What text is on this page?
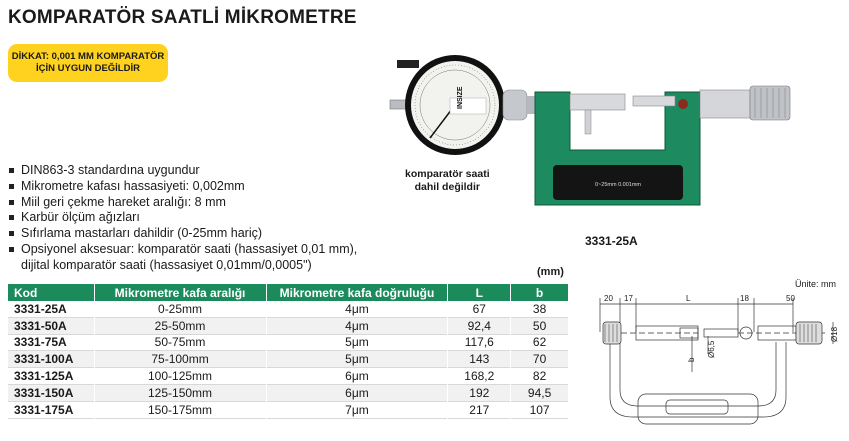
KOMPARATÖR SAATLİ MİKROMETRE
DİKKAT: 0,001 MM KOMPARATÖR
İÇİN UYGUN DEĞİLDİR
DIN863-3 standardına uygundur
Mikrometre kafası hassasiyeti: 0,002mm
Miil geri çekme hareket aralığı: 8 mm
Karbür ölçüm ağızları
Sıfırlama mastarları dahildir (0-25mm hariç)
Opsiyonel aksesuar: komparatör saati (hassasiyet 0,01 mm),
dijital komparatör saati (hassasiyet 0,01mm/0,0005")
INSIZE
0~25mm 0.001mm
komparatör saati
dahil değildir
3331-25A
(mm)
Kod	Mikrometre kafa aralığı	Mikrometre kafa doğruluğu	L	b
3331-25A	0-25mm	4μm	67	38
3331-50A	25-50mm	4μm	92,4	50
3331-75A	50-75mm	5μm	117,6	62
3331-100A	75-100mm	5μm	143	70
3331-125A	100-125mm	6μm	168,2	82
3331-150A	125-150mm	6μm	192	94,5
3331-175A	150-175mm	7μm	217	107
Ünite: mm
20 17	L	18	50
b
Ø6,5
Ø18
